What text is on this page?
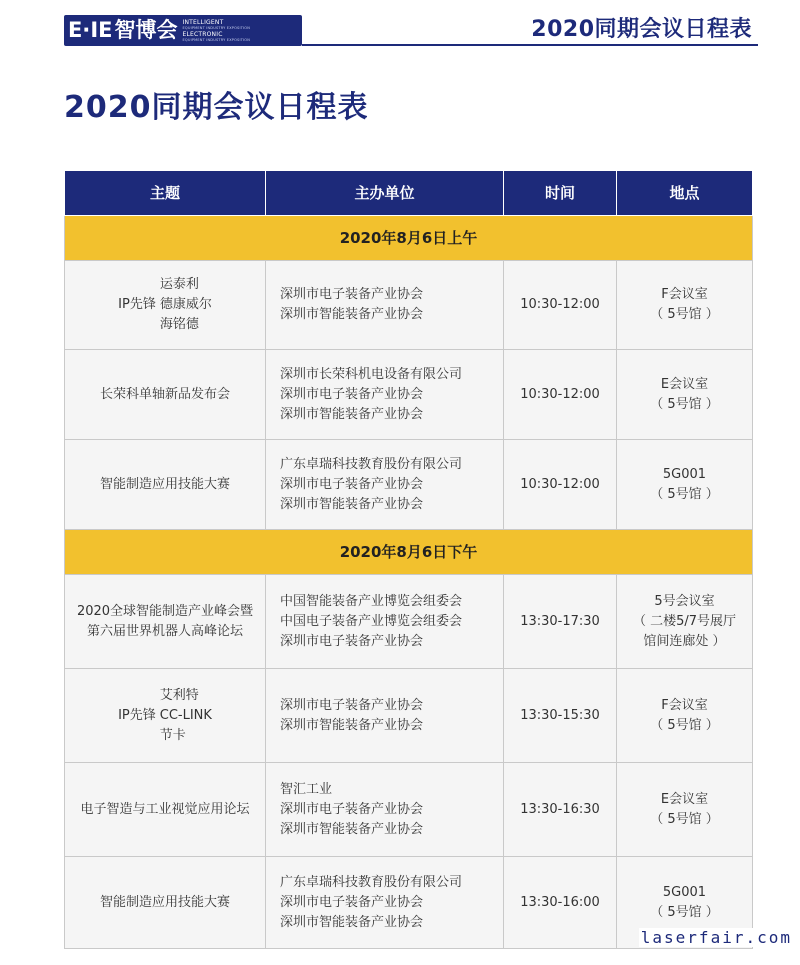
E∙IE 智博会 INTELLIGENT
EQUIPMENT INDUSTRY EXPOSITION
ELECTRONIC
EQUIPMENT INDUSTRY EXPOSITION	2020同期会议日程表
2020同期会议日程表
主题	主办单位	时间	地点
2020年8月6日上午			

IP先锋
运泰利
德康威尔
海铭德	深圳市电子装备产业协会
深圳市智能装备产业协会	10:30-12:00	F会议室
（ 5号馆 ）

长荣科单轴新品发布会	深圳市长荣科机电设备有限公司
深圳市电子装备产业协会
深圳市智能装备产业协会	10:30-12:00	E会议室
（ 5号馆 ）

智能制造应用技能大赛	广东卓瑞科技教育股份有限公司
深圳市电子装备产业协会
深圳市智能装备产业协会	10:30-12:00	5G001
（ 5号馆 ）

2020年8月6日下午			

2020全球智能制造产业峰会暨
第六届世界机器人高峰论坛	中国智能装备产业博览会组委会
中国电子装备产业博览会组委会
深圳市电子装备产业协会	13:30-17:30	5号会议室
（ 二楼5/7号展厅
馆间连廊处 ）

IP先锋
艾利特
CC-LINK
节卡	深圳市电子装备产业协会
深圳市智能装备产业协会	13:30-15:30	F会议室
（ 5号馆 ）

电子智造与工业视觉应用论坛	智汇工业
深圳市电子装备产业协会
深圳市智能装备产业协会	13:30-16:30	E会议室
（ 5号馆 ）

智能制造应用技能大赛	广东卓瑞科技教育股份有限公司
深圳市电子装备产业协会
深圳市智能装备产业协会	13:30-16:00	5G001
（ 5号馆 ）
laserfair.com
